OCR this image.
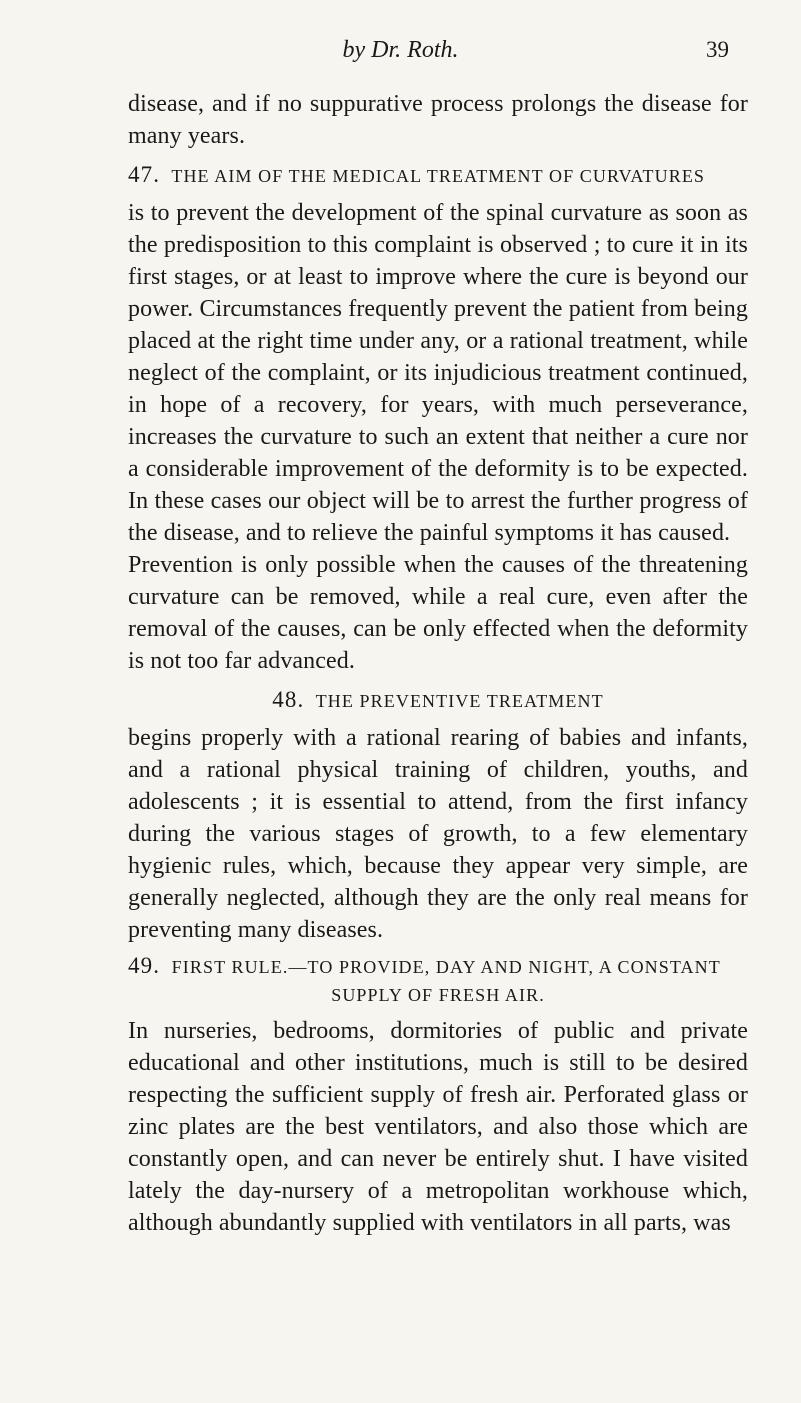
by Dr. Roth.	39

disease, and if no suppurative process prolongs the disease for many years.

47. THE AIM OF THE MEDICAL TREATMENT OF CURVATURES

is to prevent the development of the spinal curvature as soon as the predisposition to this complaint is observed ; to cure it in its first stages, or at least to improve where the cure is beyond our power. Circumstances frequently prevent the patient from being placed at the right time under any, or a rational treatment, while neglect of the complaint, or its injudicious treatment continued, in hope of a recovery, for years, with much perseverance, increases the curvature to such an extent that neither a cure nor a considerable improvement of the deformity is to be expected. In these cases our object will be to arrest the further progress of the disease, and to relieve the painful symptoms it has caused.

Prevention is only possible when the causes of the threatening curvature can be removed, while a real cure, even after the removal of the causes, can be only effected when the deformity is not too far advanced.

48. THE PREVENTIVE TREATMENT

begins properly with a rational rearing of babies and infants, and a rational physical training of children, youths, and adolescents ; it is essential to attend, from the first infancy during the various stages of growth, to a few elementary hygienic rules, which, because they appear very simple, are generally neglected, although they are the only real means for preventing many diseases.

49. FIRST RULE.—TO PROVIDE, DAY AND NIGHT, A CONSTANT
SUPPLY OF FRESH AIR.

In nurseries, bedrooms, dormitories of public and private educational and other institutions, much is still to be desired respecting the sufficient supply of fresh air. Perforated glass or zinc plates are the best ventilators, and also those which are constantly open, and can never be entirely shut. I have visited lately the day-nursery of a metropolitan workhouse which, although abundantly supplied with ventilators in all parts, was
